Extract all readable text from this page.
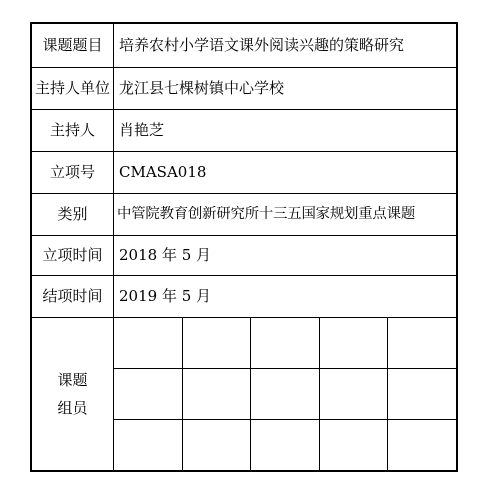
课题题目	培养农村小学语文课外阅读兴趣的策略研究
主持人单位	龙江县七棵树镇中心学校
主持人	肖艳芝
立项号	CMASA018
类别	中管院教育创新研究所十三五国家规划重点课题
立项时间	2018 年 5 月
结项时间	2019 年 5 月

课题
组员
